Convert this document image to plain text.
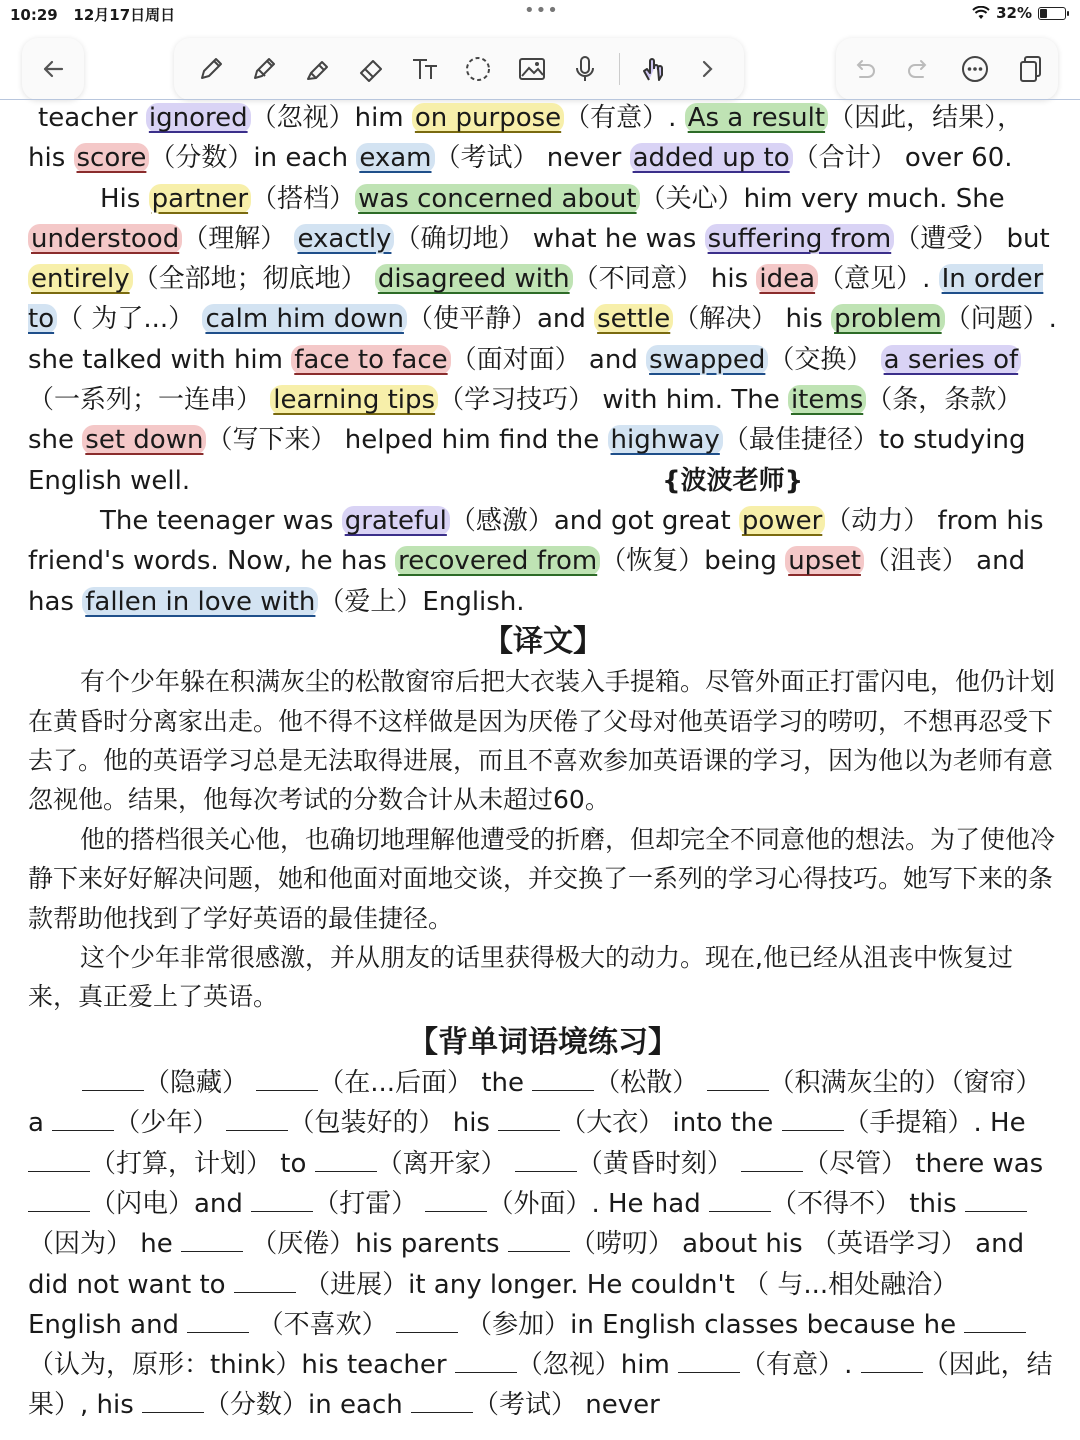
10:29 12月17日周日	•••	32%

teacher ignored （忽视）him on purpose （有意）. As a result （因此，结果），his score （分数）in each exam （考试） never added up to （合计） over 60.

His partner （搭档） was concerned about （关心）him very much. She understood （理解） exactly （确切地） what he was suffering from （遭受） but entirely （全部地；彻底地） disagreed with （不同意） his idea （意见）. In order to （ 为了...） calm him down （使平静）and settle （解决） his problem （问题）. she talked with him face to face （面对面） and swapped （交换） a series of（一系列；一连串） learning tips （学习技巧） with him. The items （条，条款） she set down （写下来） helped him find the highway （最佳捷径）to studying English well.	{波波老师}

The teenager was grateful （感激）and got great power （动力） from his friend's words. Now, he has recovered from （恢复）being upset （沮丧） and has fallen in love with （爱上）English.

【译文】

有个少年躲在积满灰尘的松散窗帘后把大衣装入手提箱。尽管外面正打雷闪电，他仍计划在黄昏时分离家出走。他不得不这样做是因为厌倦了父母对他英语学习的唠叨，不想再忍受下去了。他的英语学习总是无法取得进展，而且不喜欢参加英语课的学习，因为他以为老师有意忽视他。结果，他每次考试的分数合计从未超过60。

他的搭档很关心他，也确切地理解他遭受的折磨，但却完全不同意他的想法。为了使他冷静下来好好解决问题，她和他面对面地交谈，并交换了一系列的学习心得技巧。她写下来的条款帮助他找到了学好英语的最佳捷径。

这个少年非常很感激，并从朋友的话里获得极大的动力。现在,他已经从沮丧中恢复过来，真正爱上了英语。

【背单词语境练习】

（隐藏） （在...后面） the （松散） （积满灰尘的）（窗帘） a （少年） （包装好的） his （大衣） into the （手提箱）. He （打算，计划） to （离开家） （黄昏时刻） （尽管） there was （闪电）and （打雷） （外面）. He had （不得不） this （因为） he  （厌倦）his parents （唠叨） about his （英语学习） and did not want to  （进展）it any longer. He couldn't （ 与...相处融洽） English and  （不喜欢）  （参加）in English classes because he （认为，原形：think）his teacher （忽视）him （有意）. （因此，结果）, his （分数）in each （考试） never
